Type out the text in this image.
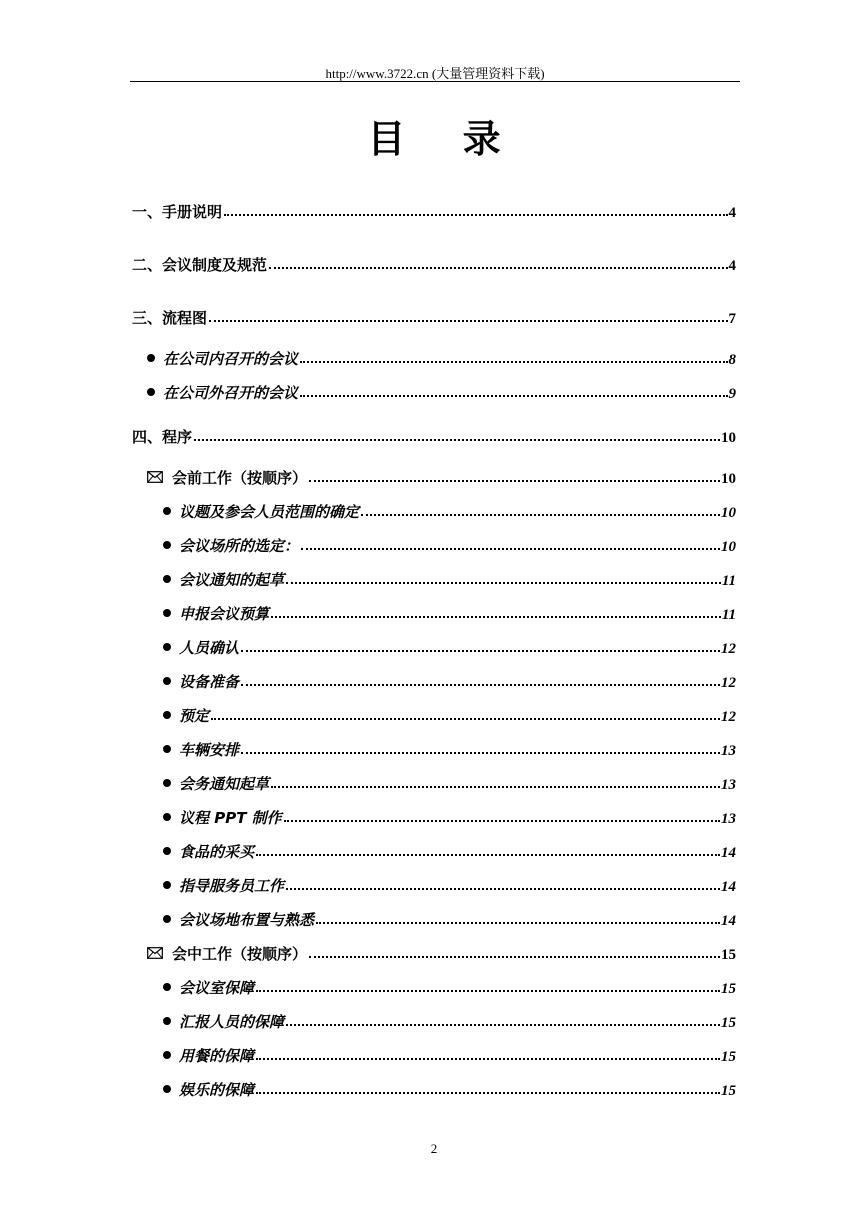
http://www.3722.cn (大量管理资料下载)
目 录
一、手册说明	4
二、会议制度及规范	4
三、流程图	7
在公司内召开的会议	8
在公司外召开的会议	9
四、程序	10
会前工作（按顺序）	10
议题及参会人员范围的确定	10
会议场所的选定：	10
会议通知的起草	11
申报会议预算	11
人员确认	12
设备准备	12
预定	12
车辆安排	13
会务通知起草	13
议程 PPT 制作	13
食品的采买	14
指导服务员工作	14
会议场地布置与熟悉	14
会中工作（按顺序）	15
会议室保障	15
汇报人员的保障	15
用餐的保障	15
娱乐的保障	15
2
